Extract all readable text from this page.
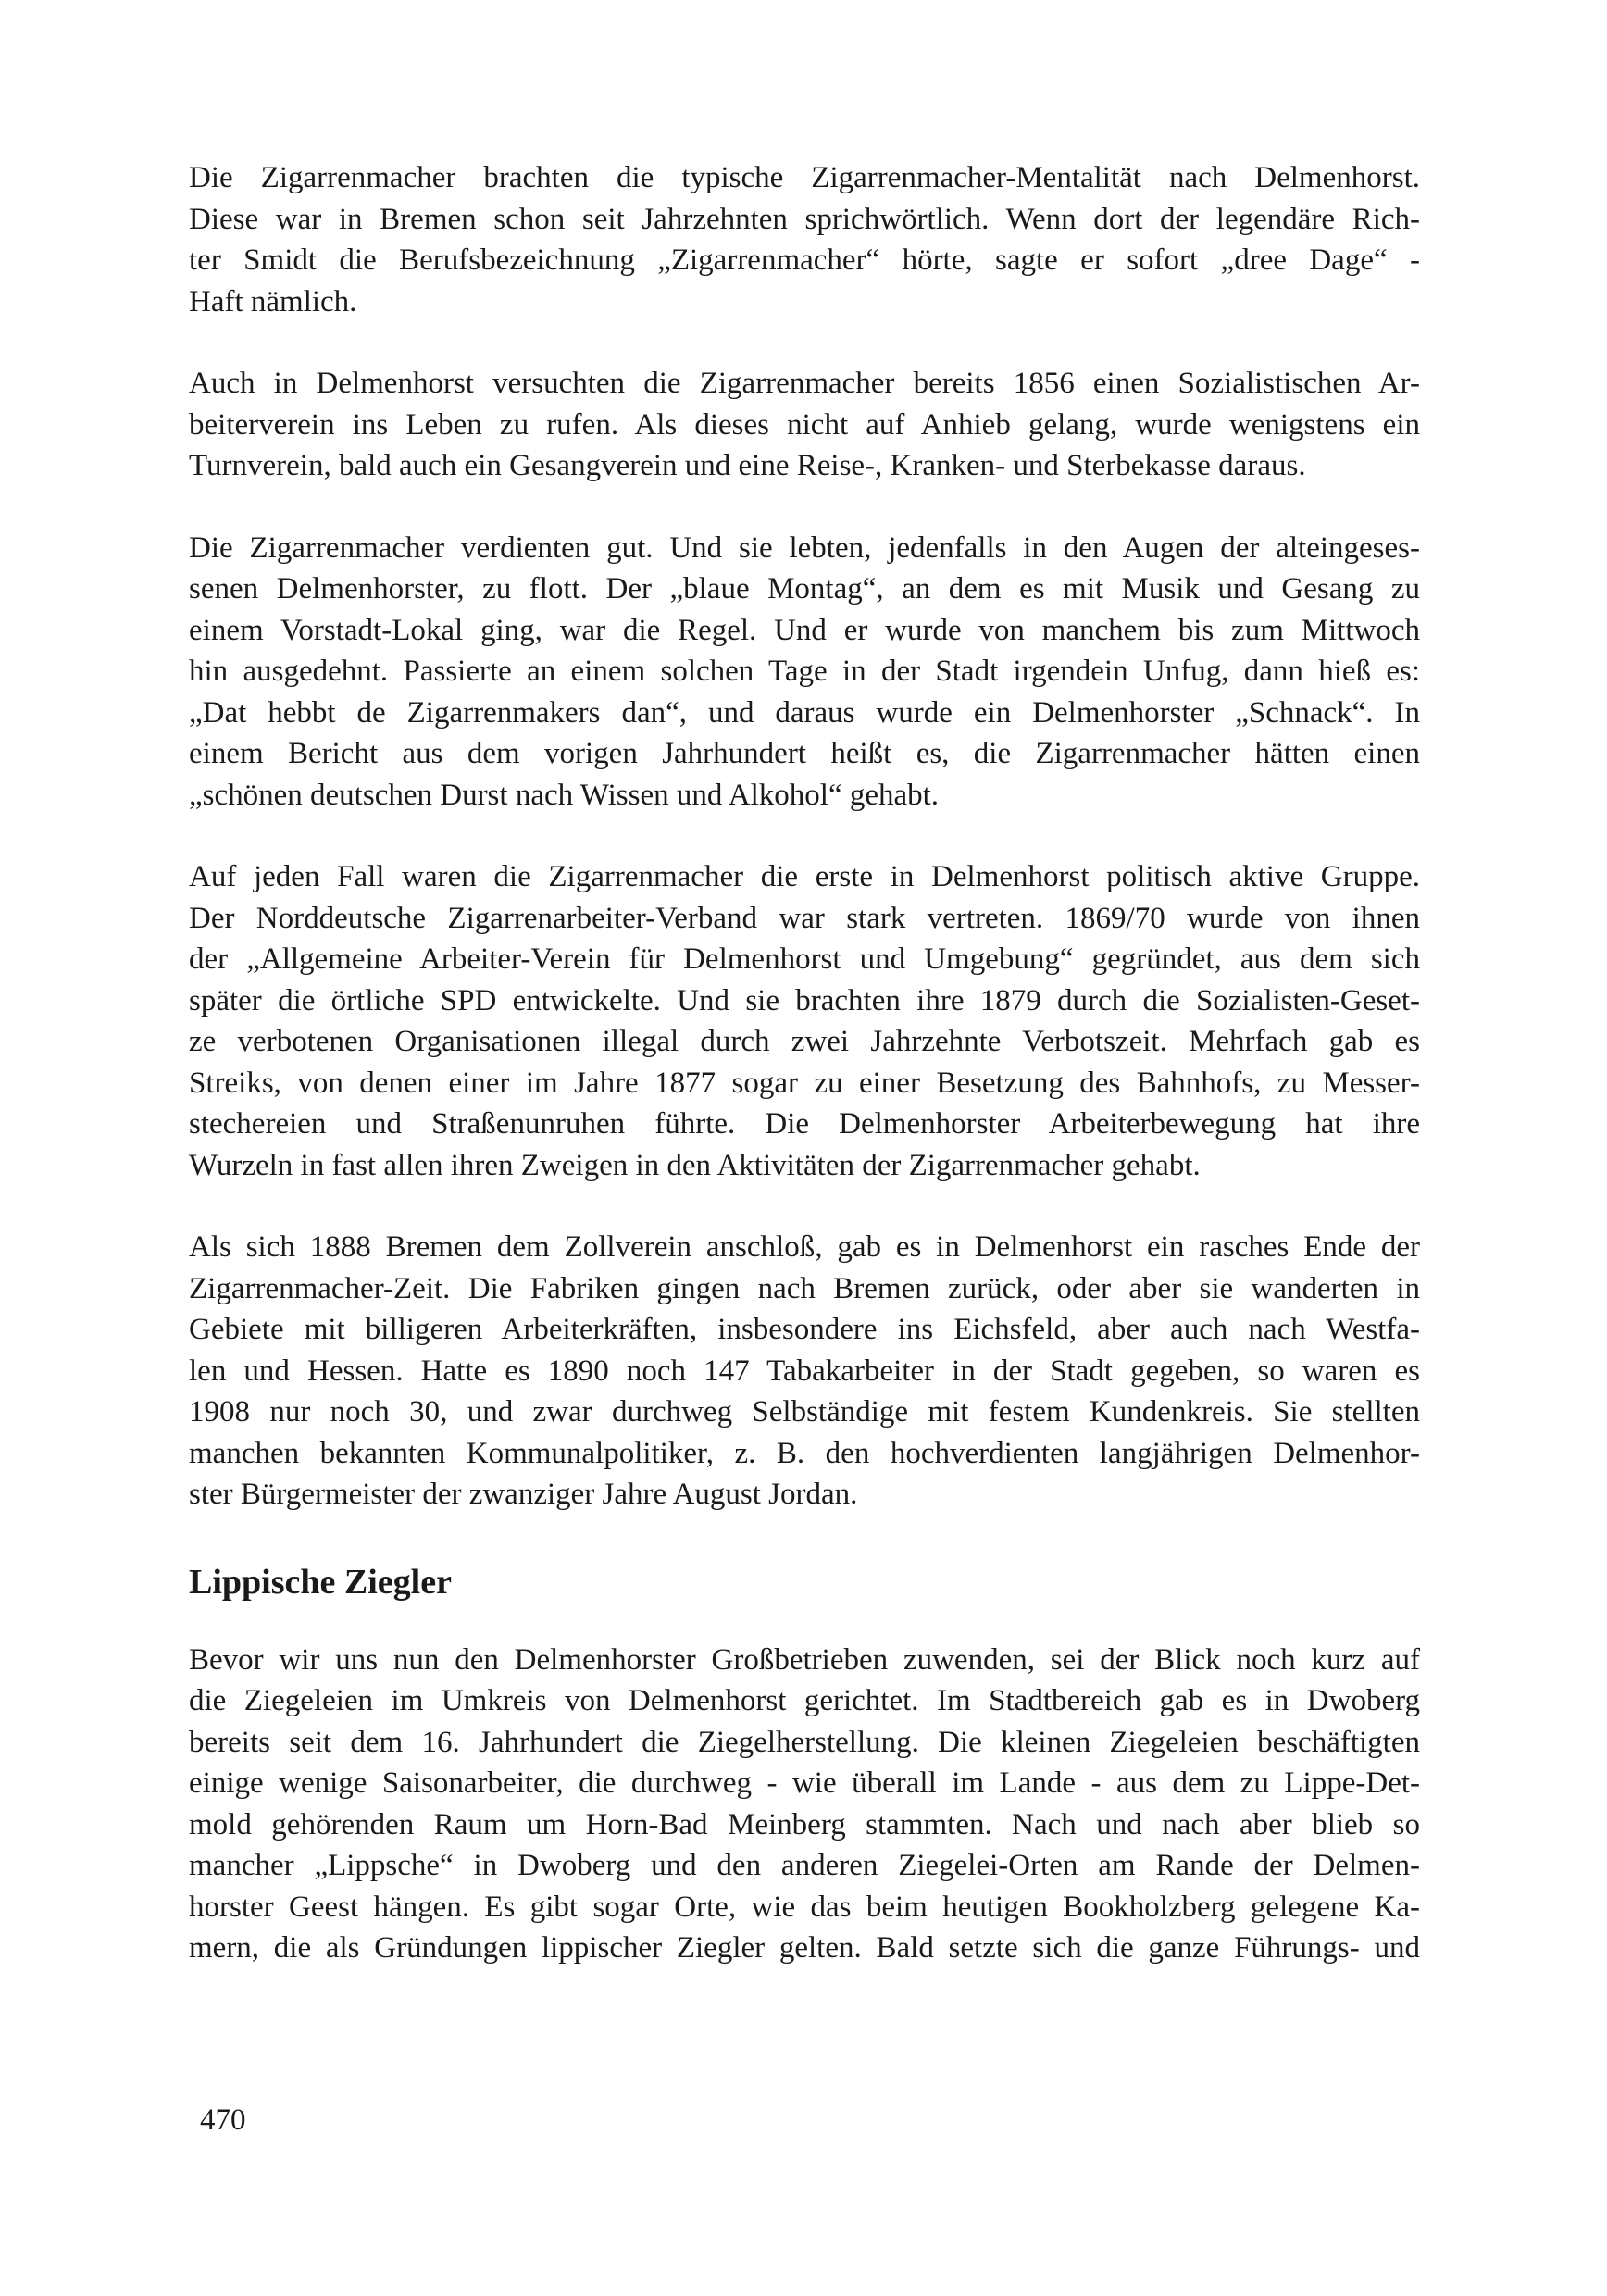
Die Zigarrenmacher brachten die typische Zigarrenmacher-Mentalität nach Delmenhorst.
Diese war in Bremen schon seit Jahrzehnten sprichwörtlich. Wenn dort der legendäre Rich-
ter Smidt die Berufsbezeichnung „Zigarrenmacher“ hörte, sagte er sofort „dree Dage“ -
Haft nämlich.

Auch in Delmenhorst versuchten die Zigarrenmacher bereits 1856 einen Sozialistischen Ar-
beiterverein ins Leben zu rufen. Als dieses nicht auf Anhieb gelang, wurde wenigstens ein
Turnverein, bald auch ein Gesangverein und eine Reise-, Kranken- und Sterbekasse daraus.

Die Zigarrenmacher verdienten gut. Und sie lebten, jedenfalls in den Augen der alteingeses-
senen Delmenhorster, zu flott. Der „blaue Montag“, an dem es mit Musik und Gesang zu
einem Vorstadt-Lokal ging, war die Regel. Und er wurde von manchem bis zum Mittwoch
hin ausgedehnt. Passierte an einem solchen Tage in der Stadt irgendein Unfug, dann hieß es:
„Dat hebbt de Zigarrenmakers dan“, und daraus wurde ein Delmenhorster „Schnack“. In
einem Bericht aus dem vorigen Jahrhundert heißt es, die Zigarrenmacher hätten einen
„schönen deutschen Durst nach Wissen und Alkohol“ gehabt.

Auf jeden Fall waren die Zigarrenmacher die erste in Delmenhorst politisch aktive Gruppe.
Der Norddeutsche Zigarrenarbeiter-Verband war stark vertreten. 1869/70 wurde von ihnen
der „Allgemeine Arbeiter-Verein für Delmenhorst und Umgebung“ gegründet, aus dem sich
später die örtliche SPD entwickelte. Und sie brachten ihre 1879 durch die Sozialisten-Geset-
ze verbotenen Organisationen illegal durch zwei Jahrzehnte Verbotszeit. Mehrfach gab es
Streiks, von denen einer im Jahre 1877 sogar zu einer Besetzung des Bahnhofs, zu Messer-
stechereien und Straßenunruhen führte. Die Delmenhorster Arbeiterbewegung hat ihre
Wurzeln in fast allen ihren Zweigen in den Aktivitäten der Zigarrenmacher gehabt.

Als sich 1888 Bremen dem Zollverein anschloß, gab es in Delmenhorst ein rasches Ende der
Zigarrenmacher-Zeit. Die Fabriken gingen nach Bremen zurück, oder aber sie wanderten in
Gebiete mit billigeren Arbeiterkräften, insbesondere ins Eichsfeld, aber auch nach Westfa-
len und Hessen. Hatte es 1890 noch 147 Tabakarbeiter in der Stadt gegeben, so waren es
1908 nur noch 30, und zwar durchweg Selbständige mit festem Kundenkreis. Sie stellten
manchen bekannten Kommunalpolitiker, z. B. den hochverdienten langjährigen Delmenhor-
ster Bürgermeister der zwanziger Jahre August Jordan.

Lippische Ziegler

Bevor wir uns nun den Delmenhorster Großbetrieben zuwenden, sei der Blick noch kurz auf
die Ziegeleien im Umkreis von Delmenhorst gerichtet. Im Stadtbereich gab es in Dwoberg
bereits seit dem 16. Jahrhundert die Ziegelherstellung. Die kleinen Ziegeleien beschäftigten
einige wenige Saisonarbeiter, die durchweg - wie überall im Lande - aus dem zu Lippe-Det-
mold gehörenden Raum um Horn-Bad Meinberg stammten. Nach und nach aber blieb so
mancher „Lippsche“ in Dwoberg und den anderen Ziegelei-Orten am Rande der Delmen-
horster Geest hängen. Es gibt sogar Orte, wie das beim heutigen Bookholzberg gelegene Ka-
mern, die als Gründungen lippischer Ziegler gelten. Bald setzte sich die ganze Führungs- und

470
